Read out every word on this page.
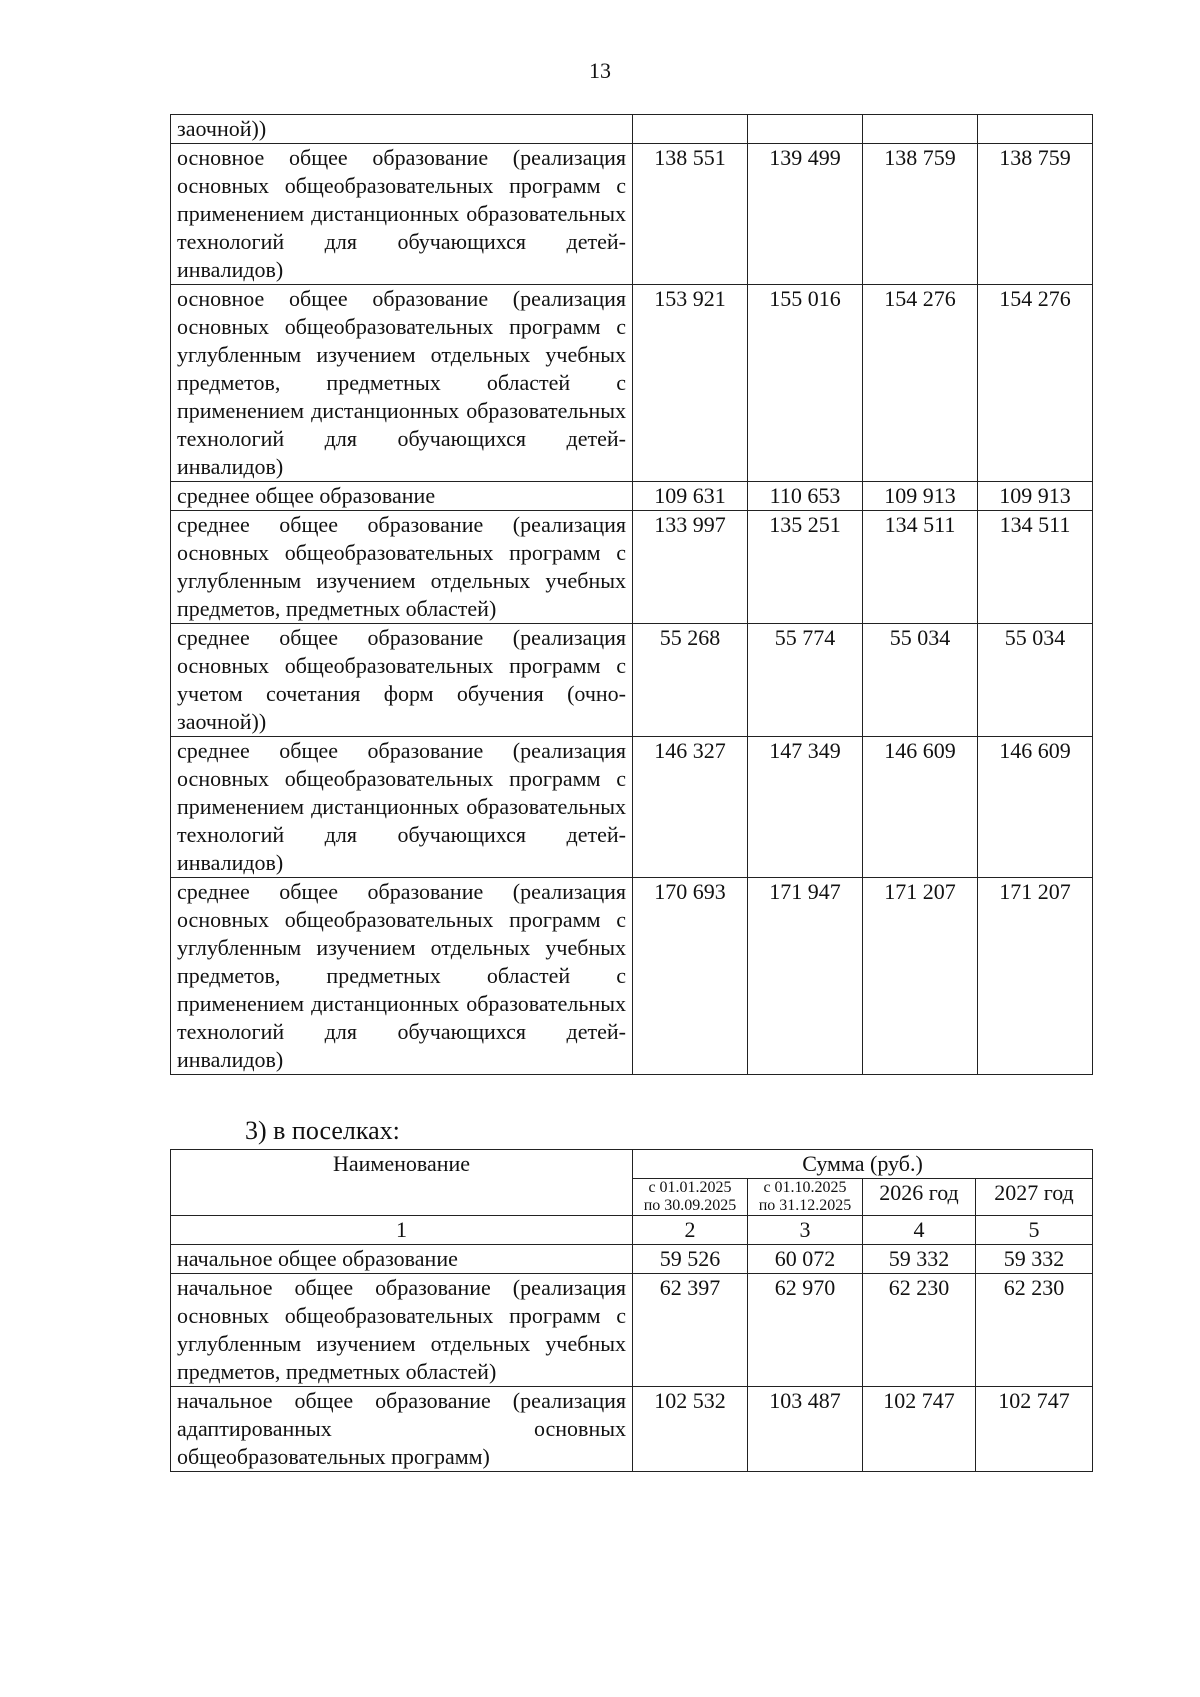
13
заочной))				
основное общее образование (реализация основных общеобразовательных программ с применением дистанционных образовательных технологий для обучающихся детей-инвалидов)	138 551	139 499	138 759	138 759
основное общее образование (реализация основных общеобразовательных программ с углубленным изучением отдельных учебных предметов, предметных областей с применением дистанционных образовательных технологий для обучающихся детей-инвалидов)	153 921	155 016	154 276	154 276
среднее общее образование	109 631	110 653	109 913	109 913
среднее общее образование (реализация основных общеобразовательных программ с углубленным изучением отдельных учебных предметов, предметных областей)	133 997	135 251	134 511	134 511
среднее общее образование (реализация основных общеобразовательных программ с учетом сочетания форм обучения (очно-заочной))	55 268	55 774	55 034	55 034
среднее общее образование (реализация основных общеобразовательных программ с применением дистанционных образовательных технологий для обучающихся детей-инвалидов)	146 327	147 349	146 609	146 609
среднее общее образование (реализация основных общеобразовательных программ с углубленным изучением отдельных учебных предметов, предметных областей с применением дистанционных образовательных технологий для обучающихся детей-инвалидов)	170 693	171 947	171 207	171 207
3) в поселках:
Наименование	Сумма (руб.)			
	с 01.01.2025 по 30.09.2025	с 01.10.2025 по 31.12.2025	2026 год	2027 год
1	2	3	4	5
начальное общее образование	59 526	60 072	59 332	59 332
начальное общее образование (реализация основных общеобразовательных программ с углубленным изучением отдельных учебных предметов, предметных областей)	62 397	62 970	62 230	62 230
начальное общее образование (реализация адаптированных основных общеобразовательных программ)	102 532	103 487	102 747	102 747
